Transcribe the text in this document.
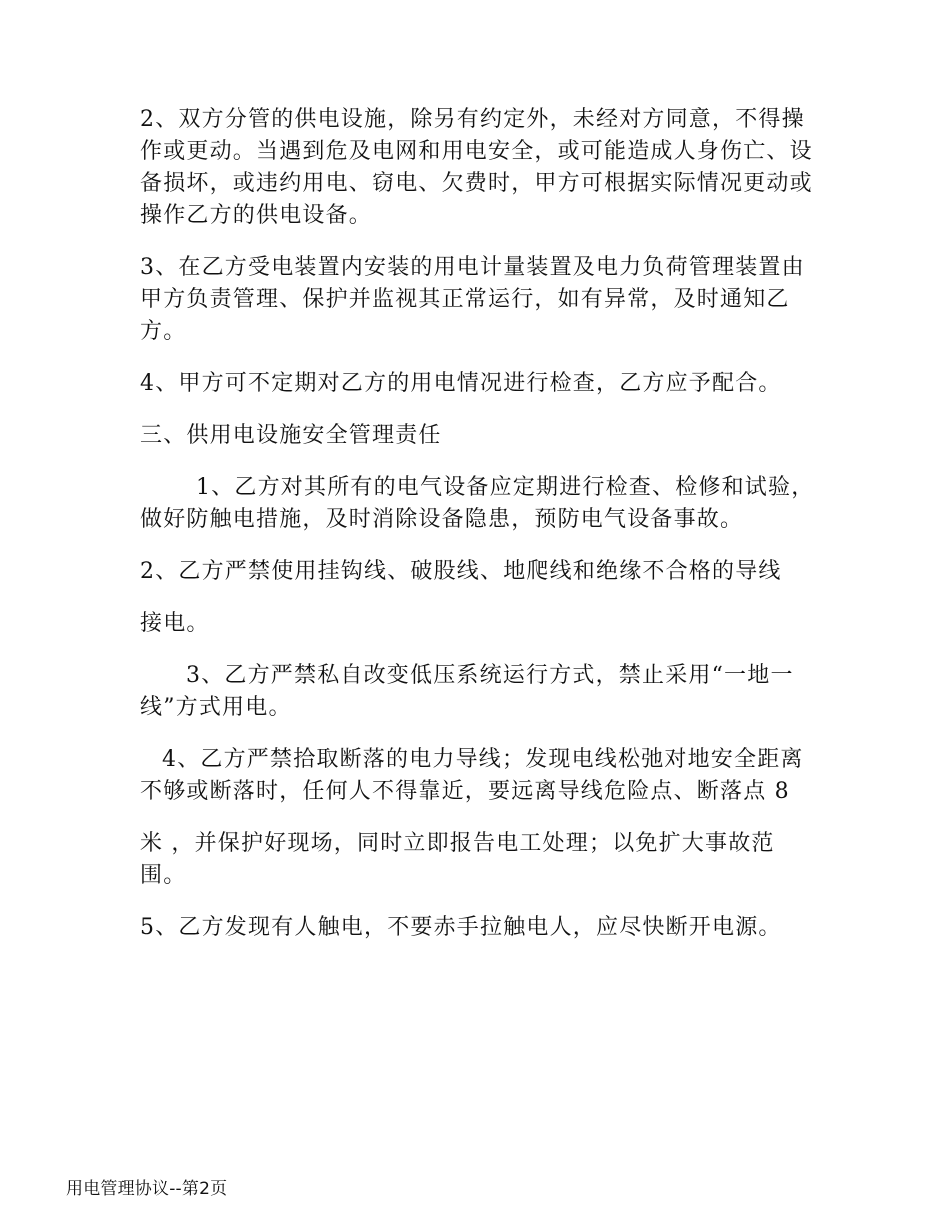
2、双方分管的供电设施，除另有约定外，未经对方同意，不得操作或更动。当遇到危及电网和用电安全，或可能造成人身伤亡、设备损坏，或违约用电、窃电、欠费时，甲方可根据实际情况更动或操作乙方的供电设备。

3、在乙方受电装置内安装的用电计量装置及电力负荷管理装置由甲方负责管理、保护并监视其正常运行，如有异常，及时通知乙方。

4、甲方可不定期对乙方的用电情况进行检查，乙方应予配合。

三、供用电设施安全管理责任

1、乙方对其所有的电气设备应定期进行检查、检修和试验，做好防触电措施，及时消除设备隐患，预防电气设备事故。

2、乙方严禁使用挂钩线、破股线、地爬线和绝缘不合格的导线

接电。

3、乙方严禁私自改变低压系统运行方式，禁止采用“一地一线”方式用电。

4、乙方严禁拾取断落的电力导线；发现电线松弛对地安全距离不够或断落时，任何人不得靠近，要远离导线危险点、断落点 8

米 ，并保护好现场，同时立即报告电工处理；以免扩大事故范围。

5、乙方发现有人触电，不要赤手拉触电人，应尽快断开电源。

用电管理协议--第2页
